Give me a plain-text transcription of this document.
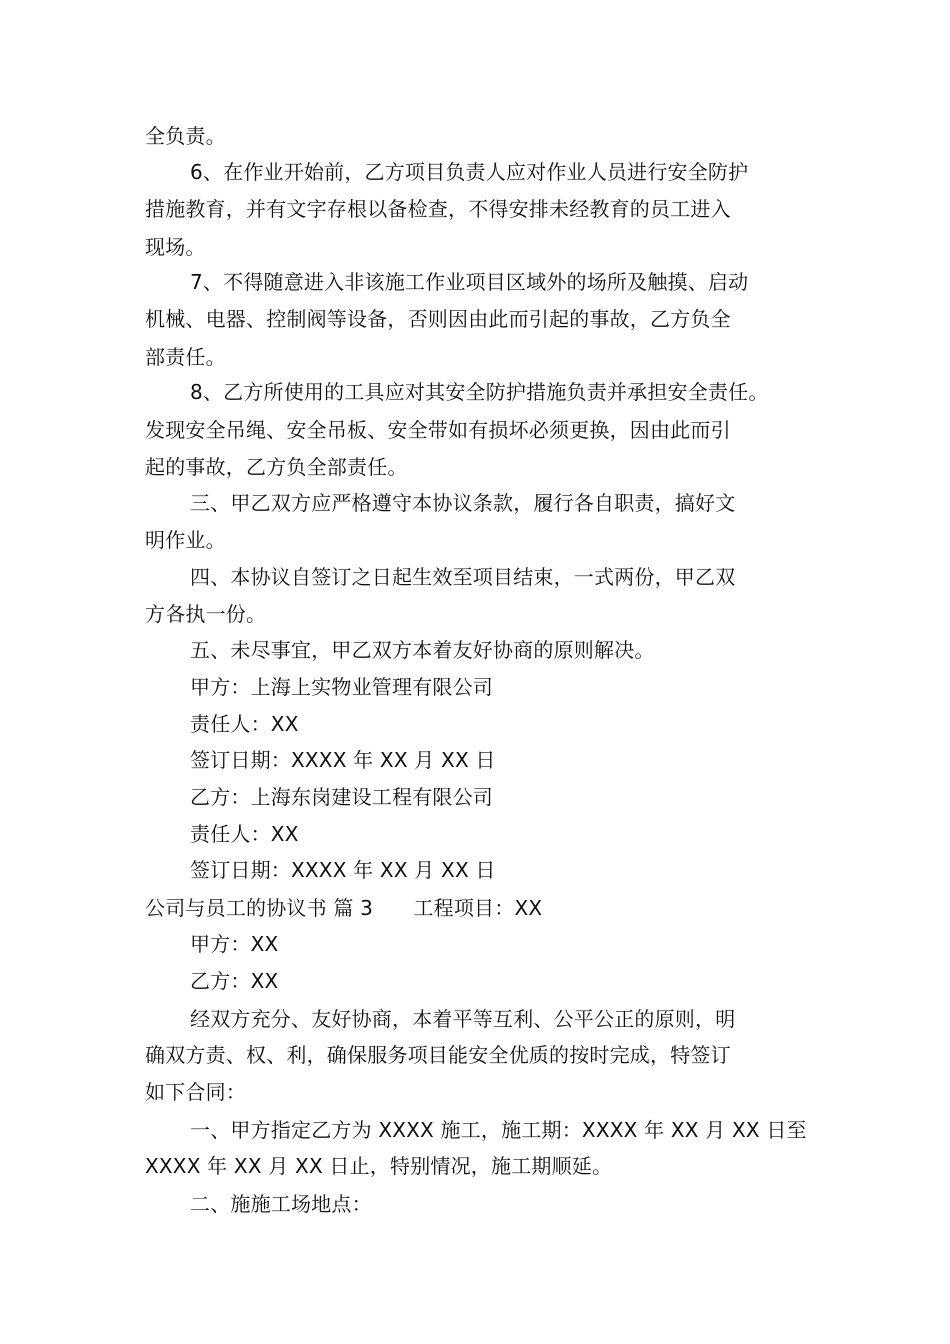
全负责。
6、在作业开始前，乙方项目负责人应对作业人员进行安全防护
措施教育，并有文字存根以备检查，不得安排未经教育的员工进入
现场。
7、不得随意进入非该施工作业项目区域外的场所及触摸、启动
机械、电器、控制阀等设备，否则因由此而引起的事故，乙方负全
部责任。
8、乙方所使用的工具应对其安全防护措施负责并承担安全责任。
发现安全吊绳、安全吊板、安全带如有损坏必须更换，因由此而引
起的事故，乙方负全部责任。
三、甲乙双方应严格遵守本协议条款，履行各自职责，搞好文
明作业。
四、本协议自签订之日起生效至项目结束，一式两份，甲乙双
方各执一份。
五、未尽事宜，甲乙双方本着友好协商的原则解决。
甲方：上海上实物业管理有限公司
责任人：XX
签订日期：XXXX 年 XX 月 XX 日
乙方：上海东岗建设工程有限公司
责任人：XX
签订日期：XXXX 年 XX 月 XX 日
公司与员工的协议书 篇 3　　工程项目：XX
甲方：XX
乙方：XX
经双方充分、友好协商，本着平等互利、公平公正的原则，明
确双方责、权、利，确保服务项目能安全优质的按时完成，特签订
如下合同：
一、甲方指定乙方为 XXXX 施工，施工期：XXXX 年 XX 月 XX 日至
XXXX 年 XX 月 XX 日止，特别情况，施工期顺延。
二、施施工场地点：
